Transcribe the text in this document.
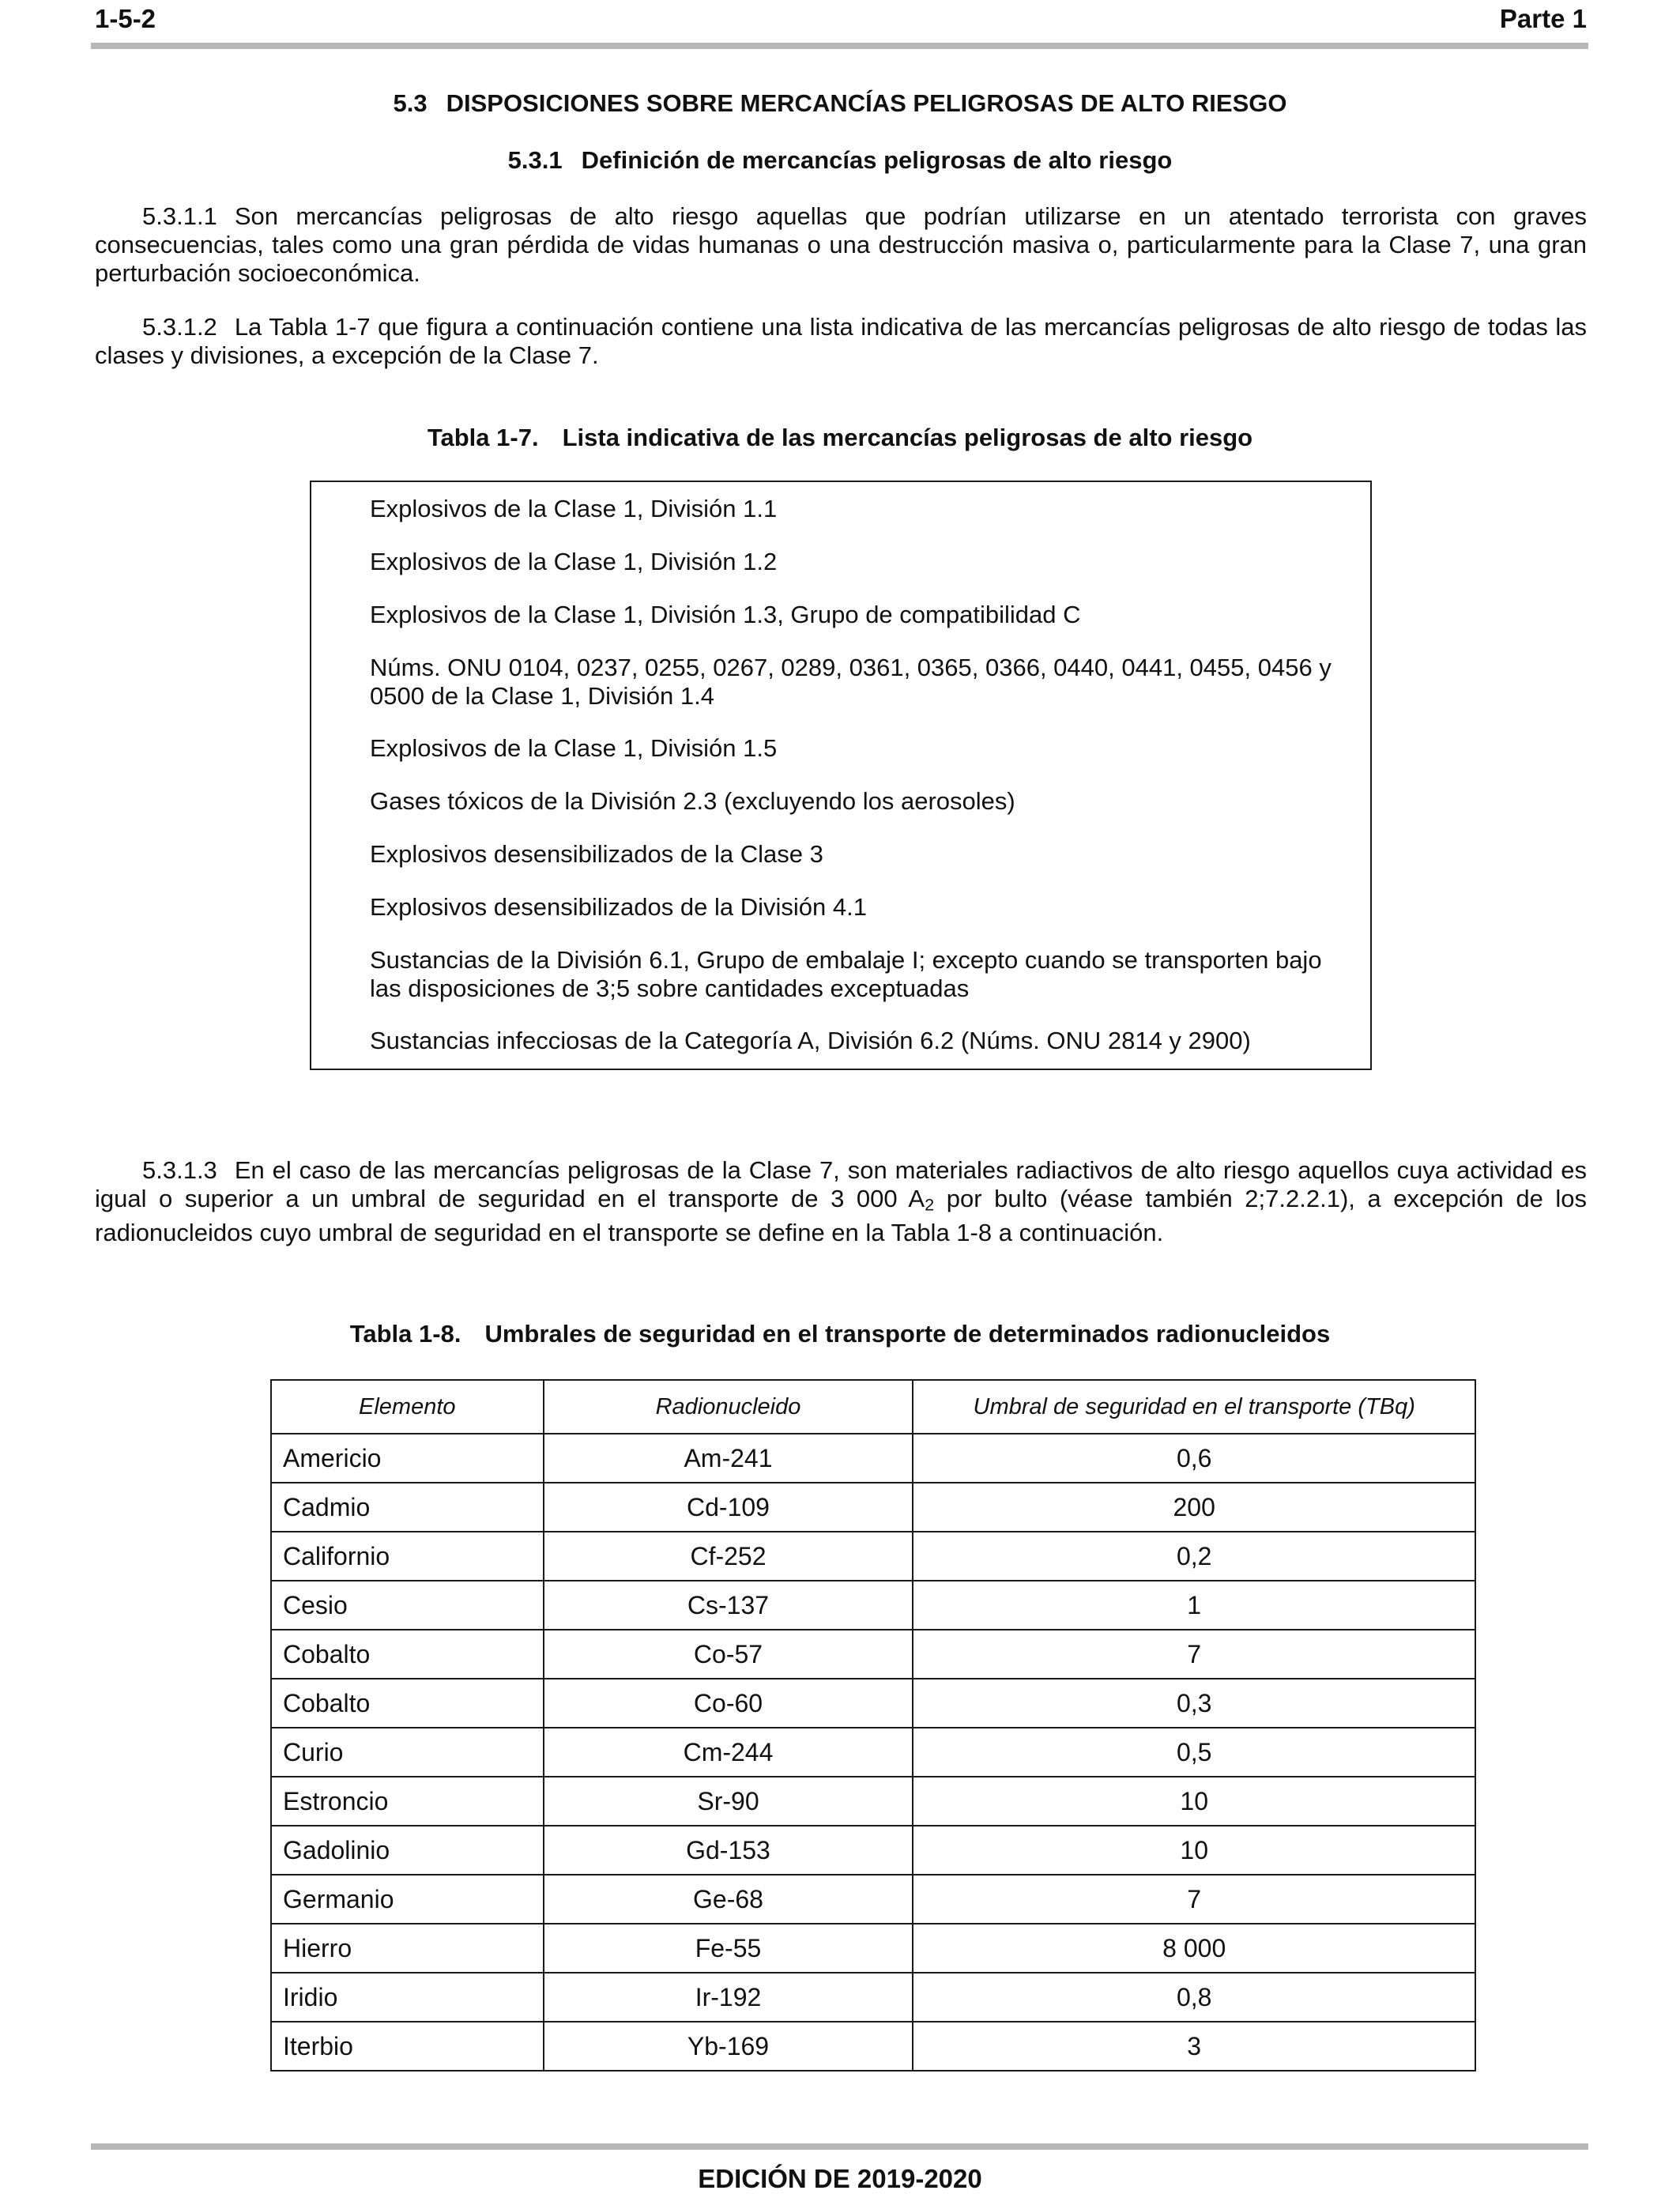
1-5-2	Parte 1
5.3 DISPOSICIONES SOBRE MERCANCÍAS PELIGROSAS DE ALTO RIESGO
5.3.1 Definición de mercancías peligrosas de alto riesgo
5.3.1.1 Son mercancías peligrosas de alto riesgo aquellas que podrían utilizarse en un atentado terrorista con graves consecuencias, tales como una gran pérdida de vidas humanas o una destrucción masiva o, particularmente para la Clase 7, una gran perturbación socioeconómica.
5.3.1.2 La Tabla 1-7 que figura a continuación contiene una lista indicativa de las mercancías peligrosas de alto riesgo de todas las clases y divisiones, a excepción de la Clase 7.
Tabla 1-7. Lista indicativa de las mercancías peligrosas de alto riesgo
Explosivos de la Clase 1, División 1.1
Explosivos de la Clase 1, División 1.2
Explosivos de la Clase 1, División 1.3, Grupo de compatibilidad C
Núms. ONU 0104, 0237, 0255, 0267, 0289, 0361, 0365, 0366, 0440, 0441, 0455, 0456 y 0500 de la Clase 1, División 1.4
Explosivos de la Clase 1, División 1.5
Gases tóxicos de la División 2.3 (excluyendo los aerosoles)
Explosivos desensibilizados de la Clase 3
Explosivos desensibilizados de la División 4.1
Sustancias de la División 6.1, Grupo de embalaje I; excepto cuando se transporten bajo las disposiciones de 3;5 sobre cantidades exceptuadas
Sustancias infecciosas de la Categoría A, División 6.2 (Núms. ONU 2814 y 2900)
5.3.1.3 En el caso de las mercancías peligrosas de la Clase 7, son materiales radiactivos de alto riesgo aquellos cuya actividad es igual o superior a un umbral de seguridad en el transporte de 3 000 $A_2$ por bulto (véase también 2;7.2.2.1), a excepción de los radionucleidos cuyo umbral de seguridad en el transporte se define en la Tabla 1-8 a continuación.
Tabla 1-8. Umbrales de seguridad en el transporte de determinados radionucleidos
Elemento	Radionucleido	Umbral de seguridad en el transporte (TBq)
Americio	Am-241	0,6
Cadmio	Cd-109	200
Californio	Cf-252	0,2
Cesio	Cs-137	1
Cobalto	Co-57	7
Cobalto	Co-60	0,3
Curio	Cm-244	0,5
Estroncio	Sr-90	10
Gadolinio	Gd-153	10
Germanio	Ge-68	7
Hierro	Fe-55	8 000
Iridio	Ir-192	0,8
Iterbio	Yb-169	3
EDICIÓN DE 2019-2020
